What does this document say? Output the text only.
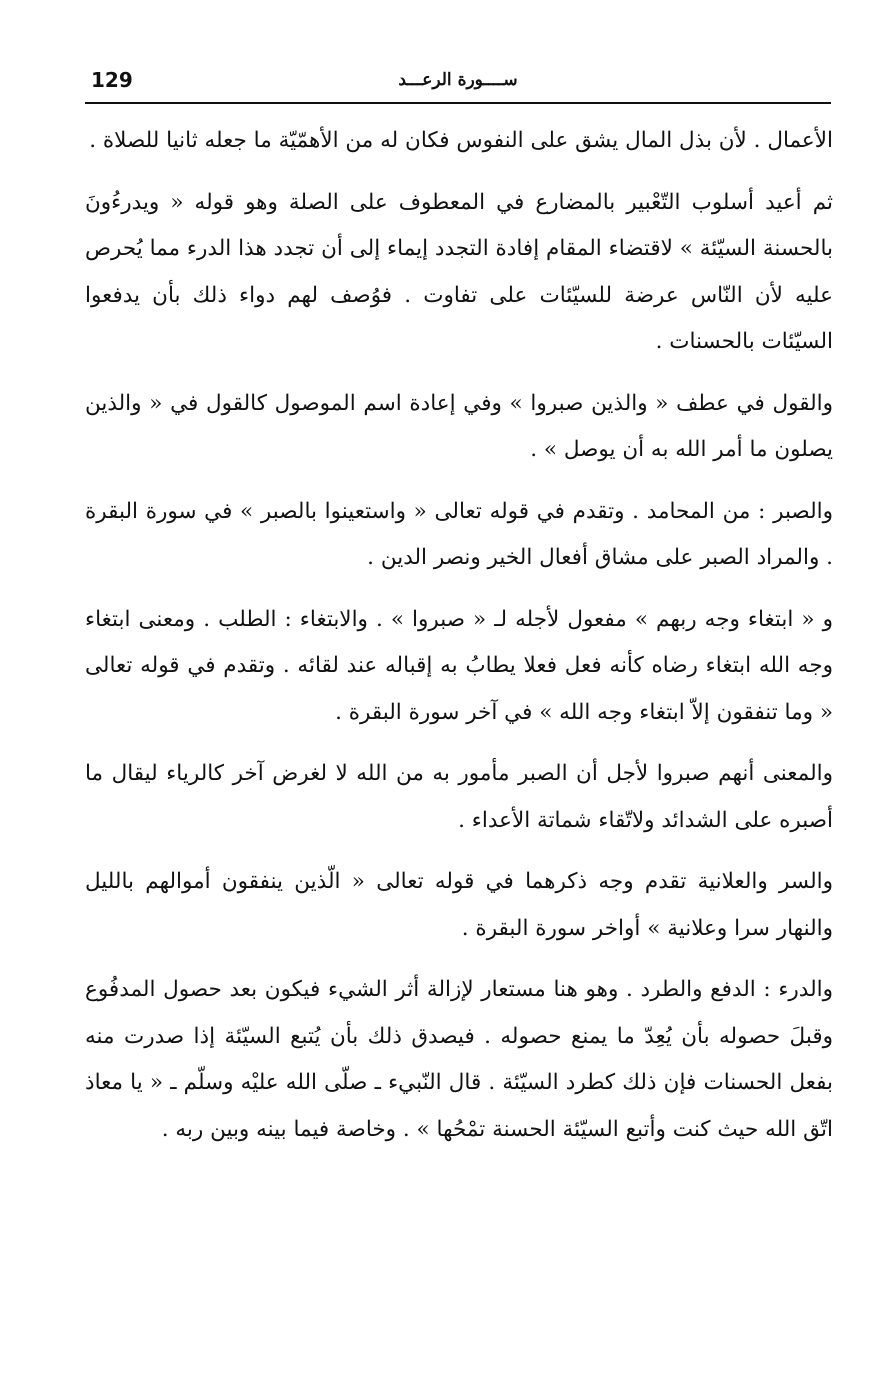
129	ســــورة الرعـــد

الأعمال . لأن بذل المال يشق على النفوس فكان له من الأهمّيّة ما جعله ثانيا للصلاة .

ثم أعيد أسلوب التّعْبير بالمضارع في المعطوف على الصلة وهو قوله « ويدرءُونَ بالحسنة السيّئة » لاقتضاء المقام إفادة التجدد إيماء إلى أن تجدد هذا الدرء مما يُحرص عليه لأن النّاس عرضة للسيّئات على تفاوت . فوُصف لهم دواء ذلك بأن يدفعوا السيّئات بالحسنات .

والقول في عطف « والذين صبروا » وفي إعادة اسم الموصول كالقول في « والذين يصلون ما أمر الله به أن يوصل » .

والصبر : من المحامد . وتقدم في قوله تعالى « واستعينوا بالصبر » في سورة البقرة . والمراد الصبر على مشاق أفعال الخير ونصر الدين .

و « ابتغاء وجه ربهم » مفعول لأجله لـ « صبروا » . والابتغاء : الطلب . ومعنى ابتغاء وجه الله ابتغاء رضاه كأنه فعل فعلا يطابُ به إقباله عند لقائه . وتقدم في قوله تعالى « وما تنفقون إلاّ ابتغاء وجه الله » في آخر سورة البقرة .

والمعنى أنهم صبروا لأجل أن الصبر مأمور به من الله لا لغرض آخر كالرياء ليقال ما أصبره على الشدائد ولاتّقاء شماتة الأعداء .

والسر والعلانية تقدم وجه ذكرهما في قوله تعالى « الّذين ينفقون أموالهم بالليل والنهار سرا وعلانية » أواخر سورة البقرة .

والدرء : الدفع والطرد . وهو هنا مستعار لإزالة أثر الشيء فيكون بعد حصول المدفُوع وقبلَ حصوله بأن يُعِدّ ما يمنع حصوله . فيصدق ذلك بأن يُتبع السيّئة إذا صدرت منه بفعل الحسنات فإن ذلك كطرد السيّئة . قال النّبيء ـ صلّى الله عليْه وسلّم ـ « يا معاذ اتّق الله حيث كنت وأتبع السيّئة الحسنة تمْحُها » . وخاصة فيما بينه وبين ربه .
